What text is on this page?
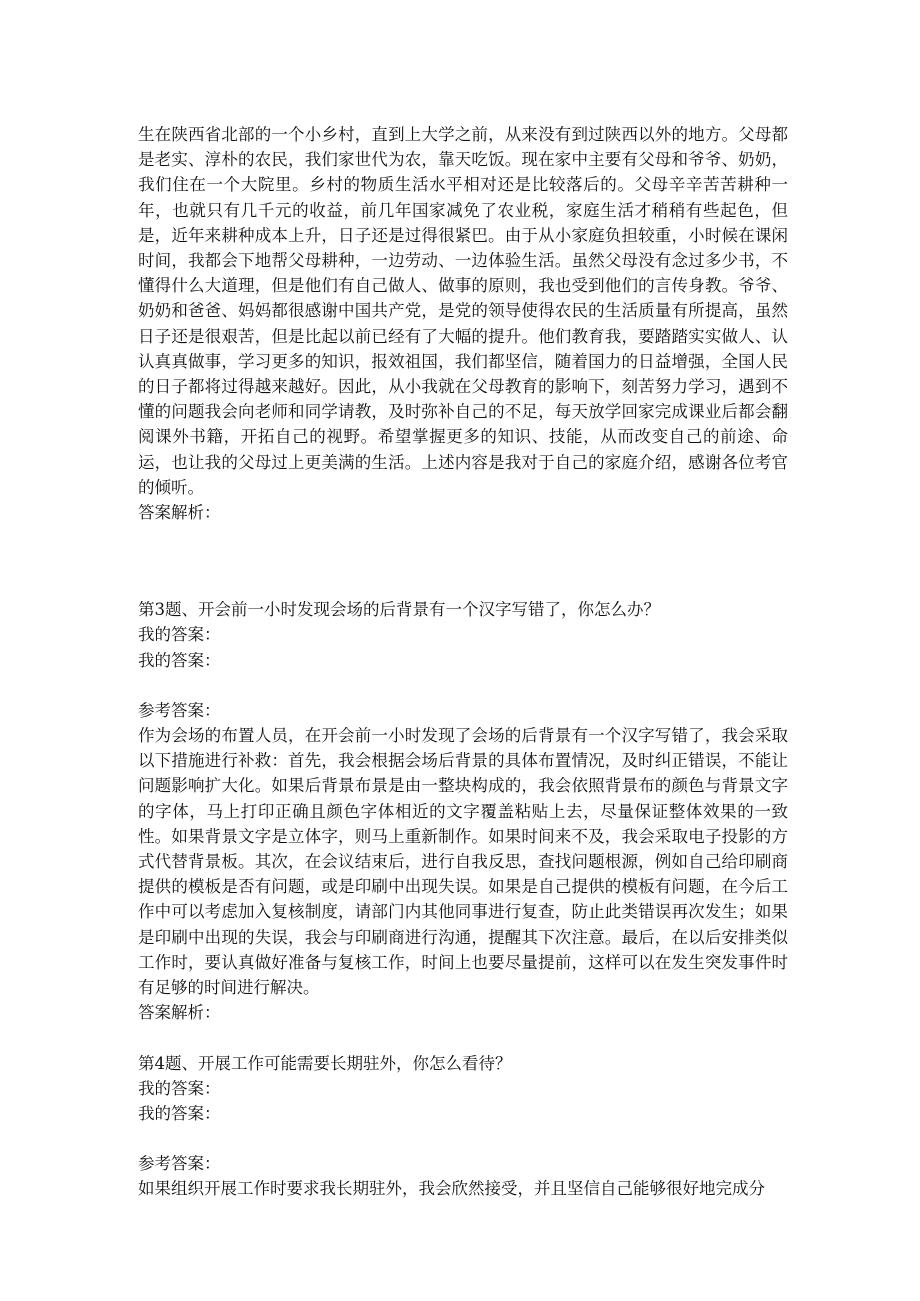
生在陕西省北部的一个小乡村，直到上大学之前，从来没有到过陕西以外的地方。父母都是老实、淳朴的农民，我们家世代为农，靠天吃饭。现在家中主要有父母和爷爷、奶奶，我们住在一个大院里。乡村的物质生活水平相对还是比较落后的。父母辛辛苦苦耕种一年，也就只有几千元的收益，前几年国家减免了农业税，家庭生活才稍稍有些起色，但是，近年来耕种成本上升，日子还是过得很紧巴。由于从小家庭负担较重，小时候在课闲时间，我都会下地帮父母耕种，一边劳动、一边体验生活。虽然父母没有念过多少书，不懂得什么大道理，但是他们有自己做人、做事的原则，我也受到他们的言传身教。爷爷、奶奶和爸爸、妈妈都很感谢中国共产党，是党的领导使得农民的生活质量有所提高，虽然日子还是很艰苦，但是比起以前已经有了大幅的提升。他们教育我，要踏踏实实做人、认认真真做事，学习更多的知识，报效祖国，我们都坚信，随着国力的日益增强，全国人民的日子都将过得越来越好。因此，从小我就在父母教育的影响下，刻苦努力学习，遇到不懂的问题我会向老师和同学请教，及时弥补自己的不足，每天放学回家完成课业后都会翻阅课外书籍，开拓自己的视野。希望掌握更多的知识、技能，从而改变自己的前途、命运，也让我的父母过上更美满的生活。上述内容是我对于自己的家庭介绍，感谢各位考官的倾听。

答案解析：

第3题、开会前一小时发现会场的后背景有一个汉字写错了，你怎么办？

我的答案：

我的答案：

参考答案：

作为会场的布置人员，在开会前一小时发现了会场的后背景有一个汉字写错了，我会采取以下措施进行补救：首先，我会根据会场后背景的具体布置情况，及时纠正错误，不能让问题影响扩大化。如果后背景布景是由一整块构成的，我会依照背景布的颜色与背景文字的字体，马上打印正确且颜色字体相近的文字覆盖粘贴上去，尽量保证整体效果的一致性。如果背景文字是立体字，则马上重新制作。如果时间来不及，我会采取电子投影的方式代替背景板。其次，在会议结束后，进行自我反思，查找问题根源，例如自己给印刷商提供的模板是否有问题，或是印刷中出现失误。如果是自己提供的模板有问题，在今后工作中可以考虑加入复核制度，请部门内其他同事进行复查，防止此类错误再次发生；如果是印刷中出现的失误，我会与印刷商进行沟通，提醒其下次注意。最后，在以后安排类似工作时，要认真做好准备与复核工作，时间上也要尽量提前，这样可以在发生突发事件时有足够的时间进行解决。

答案解析：

第4题、开展工作可能需要长期驻外，你怎么看待？

我的答案：

我的答案：

参考答案：

如果组织开展工作时要求我长期驻外，我会欣然接受，并且坚信自己能够很好地完成分
